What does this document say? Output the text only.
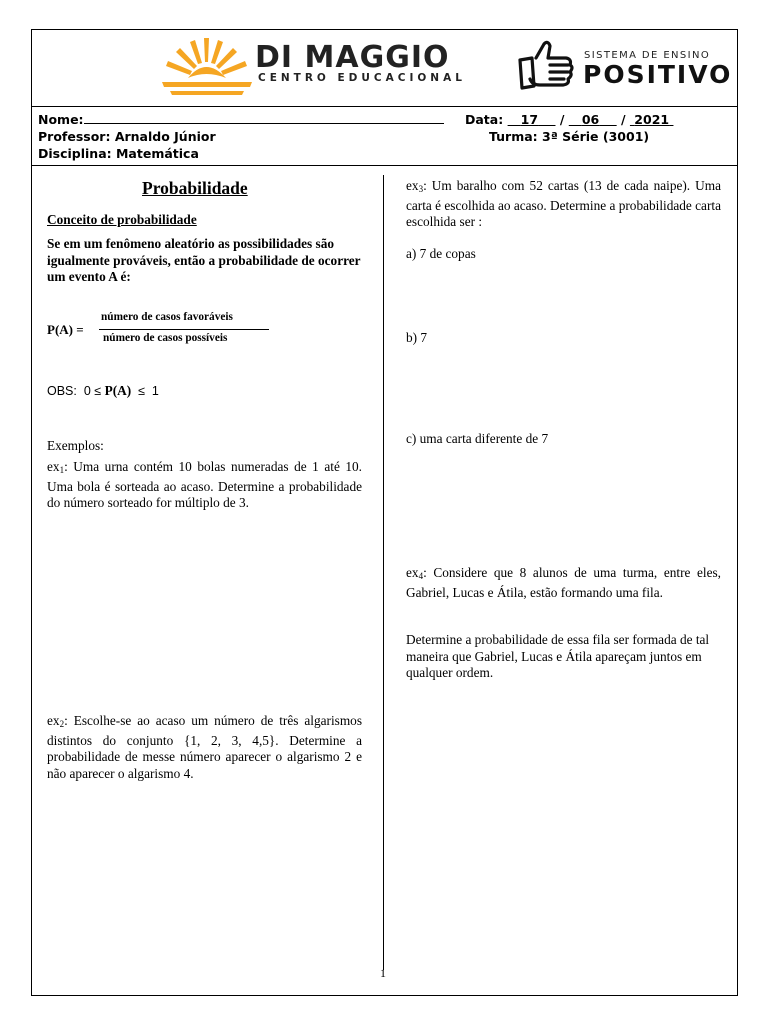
DI MAGGIO
CENTRO EDUCACIONAL
SISTEMA DE ENSINO
POSITIVO
Nome:	Data: 17     /    06     /  2021
Professor: Arnaldo Júnior	Turma: 3ª Série (3001)
Disciplina: Matemática
Probabilidade
Conceito de probabilidade
Se em um fenômeno aleatório as possibilidades são igualmente prováveis, então a probabilidade de ocorrer um evento A é:
P(A) =
número de casos favoráveis
número de casos possíveis
OBS:  0 ≤ P(A)  ≤  1
Exemplos:
$ex_1$: Uma urna contém 10 bolas numeradas de 1 até 10. Uma bola é sorteada ao acaso. Determine a probabilidade do número sorteado for múltiplo de 3.
$ex_2$: Escolhe-se ao acaso um número de três algarismos distintos do conjunto {1, 2, 3, 4,5}. Determine a probabilidade de messe número aparecer o algarismo 2 e não aparecer o algarismo 4.
$ex_3$: Um baralho com 52 cartas (13 de cada naipe). Uma carta é escolhida ao acaso. Determine a probabilidade carta escolhida ser :
a) 7 de copas
b) 7
c) uma carta diferente de 7
$ex_4$: Considere que 8 alunos de uma turma, entre eles, Gabriel, Lucas e Átila, estão formando uma fila.
Determine a probabilidade de essa fila ser formada de tal maneira que Gabriel, Lucas e Átila apareçam juntos em qualquer ordem.
1
